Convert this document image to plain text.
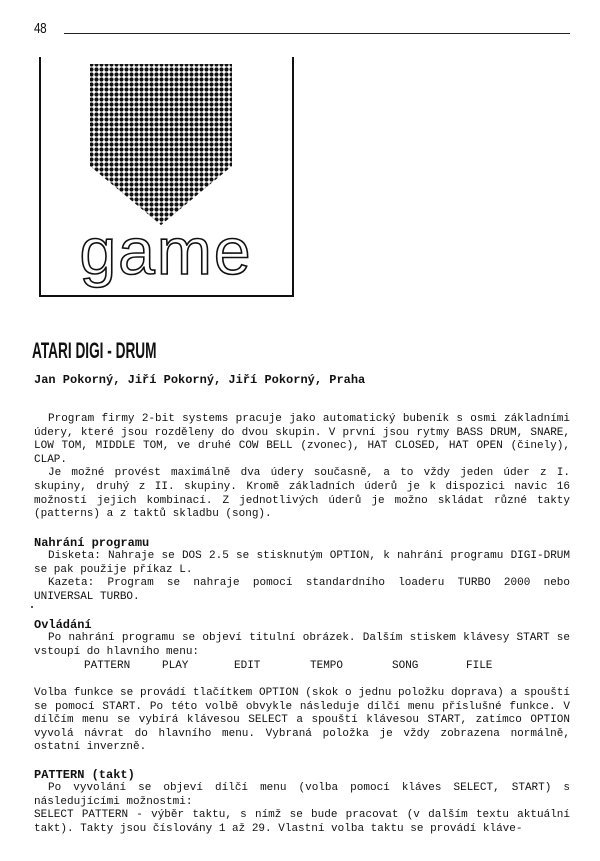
48
game
ATARI DIGI - DRUM
Jan Pokorný, Jiří Pokorný, Jiří Pokorný, Praha

Program firmy 2-bit systems pracuje jako automatický bubeník s osmi základními údery, které jsou rozděleny do dvou skupin. V první jsou rytmy BASS DRUM, SNARE, LOW TOM, MIDDLE TOM, ve druhé COW BELL (zvonec), HAT CLOSED, HAT OPEN (činely), CLAP.

Je možné provést maximálně dva údery současně, a to vždy jeden úder z I. skupiny, druhý z II. skupiny. Kromě základních úderů je k dispozici navic 16 možností jejich kombinací. Z jednotlivých úderů je možno skládat různé takty (patterns) a z taktů skladbu (song).

Nahrání programu

Disketa: Nahraje se DOS 2.5 se stisknutým OPTION, k nahrání programu DIGI-DRUM se pak použije příkaz L.

Kazeta: Program se nahraje pomocí standardního loaderu TURBO 2000 nebo UNIVERSAL TURBO.

Ovládání

Po nahrání programu se objeví titulní obrázek. Dalším stiskem klávesy START se vstoupí do hlavního menu:

PATTERN	PLAY	EDIT	TEMPO	SONG	FILE

Volba funkce se provádí tlačítkem OPTION (skok o jednu položku doprava) a spouští se pomocí START. Po této volbě obvykle následuje dílčí menu příslušné funkce. V dílčím menu se vybírá klávesou SELECT a spouští klávesou START, zatímco OPTION vyvolá návrat do hlavního menu. Vybraná položka je vždy zobrazena normálně, ostatní inverzně.

PATTERN (takt)

Po vyvolání se objeví dílčí menu (volba pomocí kláves SELECT, START) s následujícími možnostmi:

SELECT PATTERN - výběr taktu, s nímž se bude pracovat (v dalším textu aktuální takt). Takty jsou číslovány 1 až 29. Vlastní volba taktu se provádí kláve-
